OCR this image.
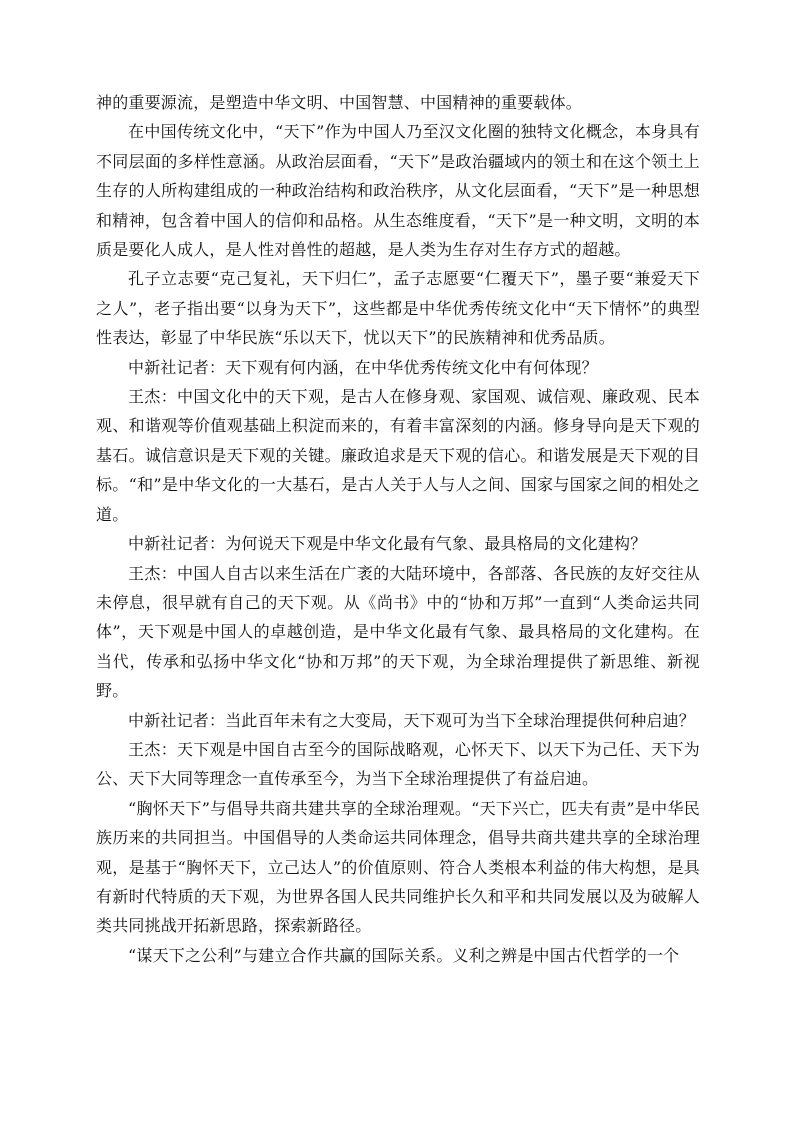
神的重要源流，是塑造中华文明、中国智慧、中国精神的重要载体。

在中国传统文化中，“天下”作为中国人乃至汉文化圈的独特文化概念，本身具有不同层面的多样性意涵。从政治层面看，“天下”是政治疆域内的领土和在这个领土上生存的人所构建组成的一种政治结构和政治秩序，从文化层面看，“天下”是一种思想和精神，包含着中国人的信仰和品格。从生态维度看，“天下”是一种文明，文明的本质是要化人成人，是人性对兽性的超越，是人类为生存对生存方式的超越。

孔子立志要“克己复礼，天下归仁”，孟子志愿要“仁覆天下”，墨子要“兼爱天下之人”，老子指出要“以身为天下”，这些都是中华优秀传统文化中“天下情怀”的典型性表达，彰显了中华民族“乐以天下，忧以天下”的民族精神和优秀品质。

中新社记者：天下观有何内涵，在中华优秀传统文化中有何体现？

王杰：中国文化中的天下观，是古人在修身观、家国观、诚信观、廉政观、民本观、和谐观等价值观基础上积淀而来的，有着丰富深刻的内涵。修身导向是天下观的基石。诚信意识是天下观的关键。廉政追求是天下观的信心。和谐发展是天下观的目标。“和”是中华文化的一大基石，是古人关于人与人之间、国家与国家之间的相处之道。

中新社记者：为何说天下观是中华文化最有气象、最具格局的文化建构？

王杰：中国人自古以来生活在广袤的大陆环境中，各部落、各民族的友好交往从未停息，很早就有自己的天下观。从《尚书》中的“协和万邦”一直到“人类命运共同体”，天下观是中国人的卓越创造，是中华文化最有气象、最具格局的文化建构。在当代，传承和弘扬中华文化“协和万邦”的天下观，为全球治理提供了新思维、新视野。

中新社记者：当此百年未有之大变局，天下观可为当下全球治理提供何种启迪？

王杰：天下观是中国自古至今的国际战略观，心怀天下、以天下为己任、天下为公、天下大同等理念一直传承至今，为当下全球治理提供了有益启迪。

“胸怀天下”与倡导共商共建共享的全球治理观。“天下兴亡，匹夫有责”是中华民族历来的共同担当。中国倡导的人类命运共同体理念，倡导共商共建共享的全球治理观，是基于“胸怀天下，立己达人”的价值原则、符合人类根本利益的伟大构想，是具有新时代特质的天下观，为世界各国人民共同维护长久和平和共同发展以及为破解人类共同挑战开拓新思路，探索新路径。

“谋天下之公利”与建立合作共赢的国际关系。义利之辨是中国古代哲学的一个
